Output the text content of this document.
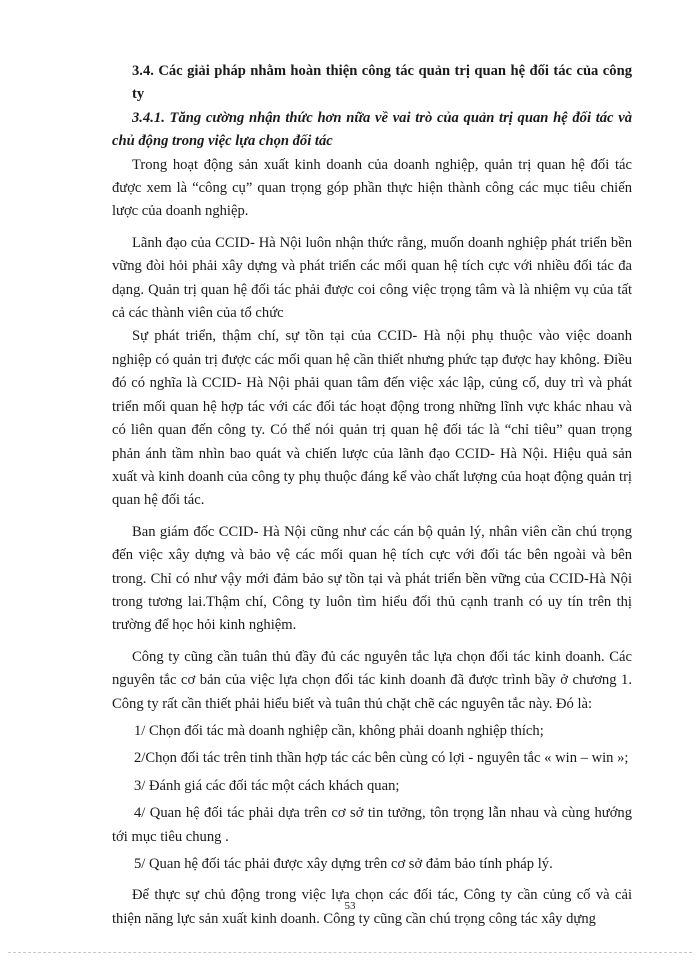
3.4. Các giải pháp nhằm hoàn thiện công tác quản trị quan hệ đối tác của công ty

3.4.1. Tăng cường nhận thức hơn nữa về vai trò của quản trị quan hệ đối tác và chủ động trong việc lựa chọn đối tác

Trong hoạt động sản xuất kinh doanh của doanh nghiệp, quản trị quan hệ đối tác được xem là “công cụ” quan trọng góp phần thực hiện thành công các mục tiêu chiến lược của doanh nghiệp.

Lãnh đạo của CCID- Hà Nội luôn nhận thức rằng, muốn doanh nghiệp phát triển bền vững đòi hỏi phải xây dựng và phát triển các mối quan hệ tích cực với nhiều đối tác đa dạng. Quản trị quan hệ đối tác phải được coi công việc trọng tâm và là nhiệm vụ của tất cả các thành viên của tổ chức

Sự phát triển, thậm chí, sự tồn tại của CCID- Hà nội phụ thuộc vào việc doanh nghiệp có quản trị được các mối quan hệ cần thiết nhưng phức tạp được hay không. Điều đó có nghĩa là CCID- Hà Nội phải quan tâm đến việc xác lập, củng cố, duy trì và phát triển mối quan hệ hợp tác với các đối tác hoạt động trong những lĩnh vực khác nhau và có liên quan đến công ty. Có thể nói quản trị quan hệ đối tác là “chỉ tiêu” quan trọng phản ánh tầm nhìn bao quát và chiến lược của lãnh đạo CCID- Hà Nội. Hiệu quả sản xuất và kinh doanh của công ty phụ thuộc đáng kể vào chất lượng của hoạt động quản trị quan hệ đối tác.

Ban giám đốc CCID- Hà Nội cũng như các cán bộ quản lý, nhân viên cần chú trọng đến việc xây dựng và bảo vệ các mối quan hệ tích cực với đối tác bên ngoài và bên trong. Chỉ có như vậy mới đảm bảo sự tồn tại và phát triển bền vững của CCID-Hà Nội trong tương lai.Thậm chí, Công ty luôn tìm hiểu đối thủ cạnh tranh có uy tín trên thị trường để học hỏi kinh nghiệm.

Công ty cũng cần tuân thủ đầy đủ các nguyên tắc lựa chọn đối tác kinh doanh. Các nguyên tắc cơ bản của việc lựa chọn đối tác kinh doanh đã được trình bầy ở chương 1. Công ty rất cần thiết phải hiểu biết và tuân thủ chặt chẽ các nguyên tắc này. Đó là:

1/ Chọn đối tác mà doanh nghiệp cần, không phải doanh nghiệp thích;

2/Chọn đối tác trên tinh thần hợp tác các bên cùng có lợi - nguyên tắc « win – win »;

3/ Đánh giá các đối tác một cách khách quan;

4/ Quan hệ đối tác phải dựa trên cơ sở tin tưởng, tôn trọng lẫn nhau và cùng hướng tới mục tiêu chung .

5/ Quan hệ đối tác phải được xây dựng trên cơ sở đảm bảo tính pháp lý.

Để thực sự chủ động trong việc lựa chọn các đối tác, Công ty cần củng cố và cải thiện năng lực sản xuất kinh doanh. Công ty cũng cần chú trọng công tác xây dựng

53
